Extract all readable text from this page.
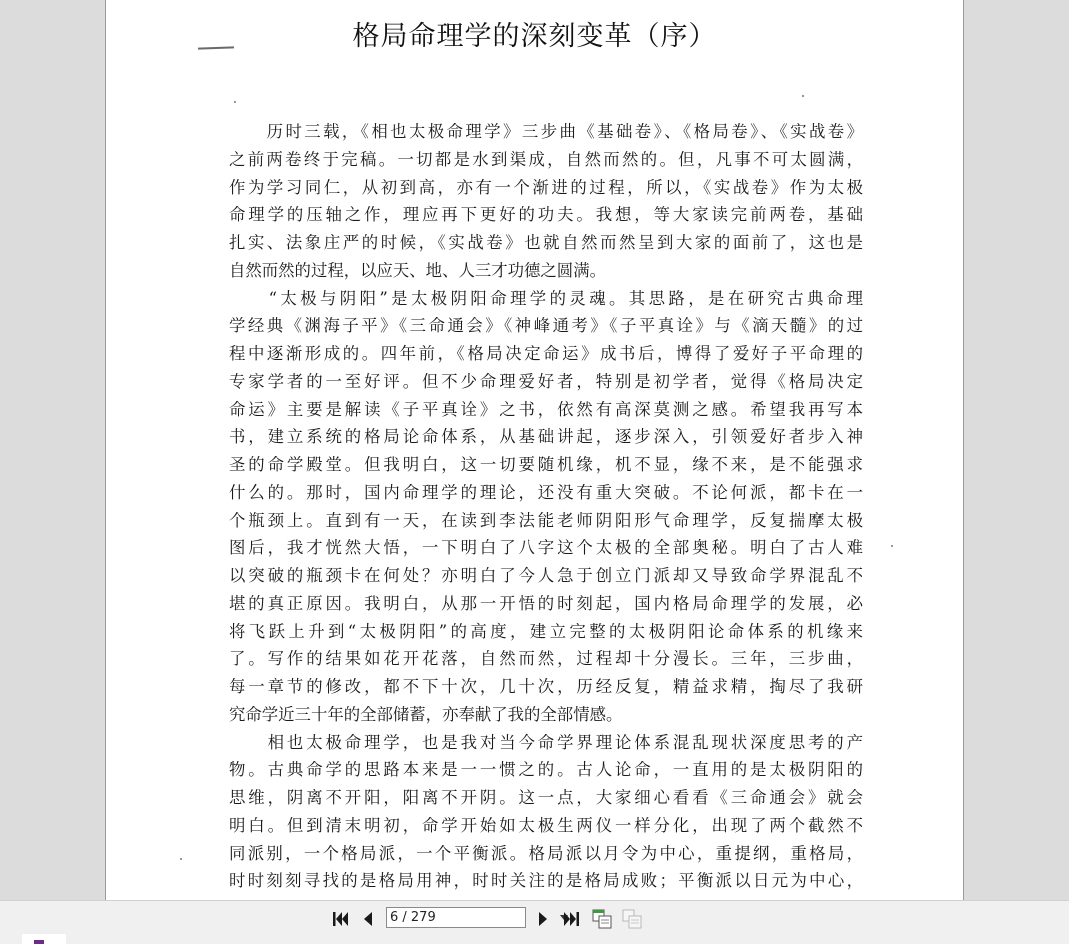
格局命理学的深刻变革（序）
　　历时三载，《相也太极命理学》三步曲《基础卷》、《格局卷》、《实战卷》
之前两卷终于完稿。一切都是水到渠成，自然而然的。但，凡事不可太圆满，
作为学习同仁，从初到高，亦有一个渐进的过程，所以，《实战卷》作为太极
命理学的压轴之作，理应再下更好的功夫。我想，等大家读完前两卷，基础
扎实、法象庄严的时候，《实战卷》也就自然而然呈到大家的面前了，这也是
自然而然的过程，以应天、地、人三才功德之圆满。
　　“太极与阴阳”是太极阴阳命理学的灵魂。其思路，是在研究古典命理
学经典《渊海子平》《三命通会》《神峰通考》《子平真诠》与《滴天髓》的过
程中逐渐形成的。四年前，《格局决定命运》成书后，博得了爱好子平命理的
专家学者的一至好评。但不少命理爱好者，特别是初学者，觉得《格局决定
命运》主要是解读《子平真诠》之书，依然有高深莫测之感。希望我再写本
书，建立系统的格局论命体系，从基础讲起，逐步深入，引领爱好者步入神
圣的命学殿堂。但我明白，这一切要随机缘，机不显，缘不来，是不能强求
什么的。那时，国内命理学的理论，还没有重大突破。不论何派，都卡在一
个瓶颈上。直到有一天，在读到李法能老师阴阳形气命理学，反复揣摩太极
图后，我才恍然大悟，一下明白了八字这个太极的全部奥秘。明白了古人难
以突破的瓶颈卡在何处？亦明白了今人急于创立门派却又导致命学界混乱不
堪的真正原因。我明白，从那一开悟的时刻起，国内格局命理学的发展，必
将飞跃上升到“太极阴阳”的高度，建立完整的太极阴阳论命体系的机缘来
了。写作的结果如花开花落，自然而然，过程却十分漫长。三年，三步曲，
每一章节的修改，都不下十次，几十次，历经反复，精益求精，掏尽了我研
究命学近三十年的全部储蓄，亦奉献了我的全部情感。
　　相也太极命理学，也是我对当今命学界理论体系混乱现状深度思考的产
物。古典命学的思路本来是一一惯之的。古人论命，一直用的是太极阴阳的
思维，阴离不开阳，阳离不开阴。这一点，大家细心看看《三命通会》就会
明白。但到清末明初，命学开始如太极生两仪一样分化，出现了两个截然不
同派别，一个格局派，一个平衡派。格局派以月令为中心，重提纲，重格局，
时时刻刻寻找的是格局用神，时时关注的是格局成败；平衡派以日元为中心，
6 / 279
